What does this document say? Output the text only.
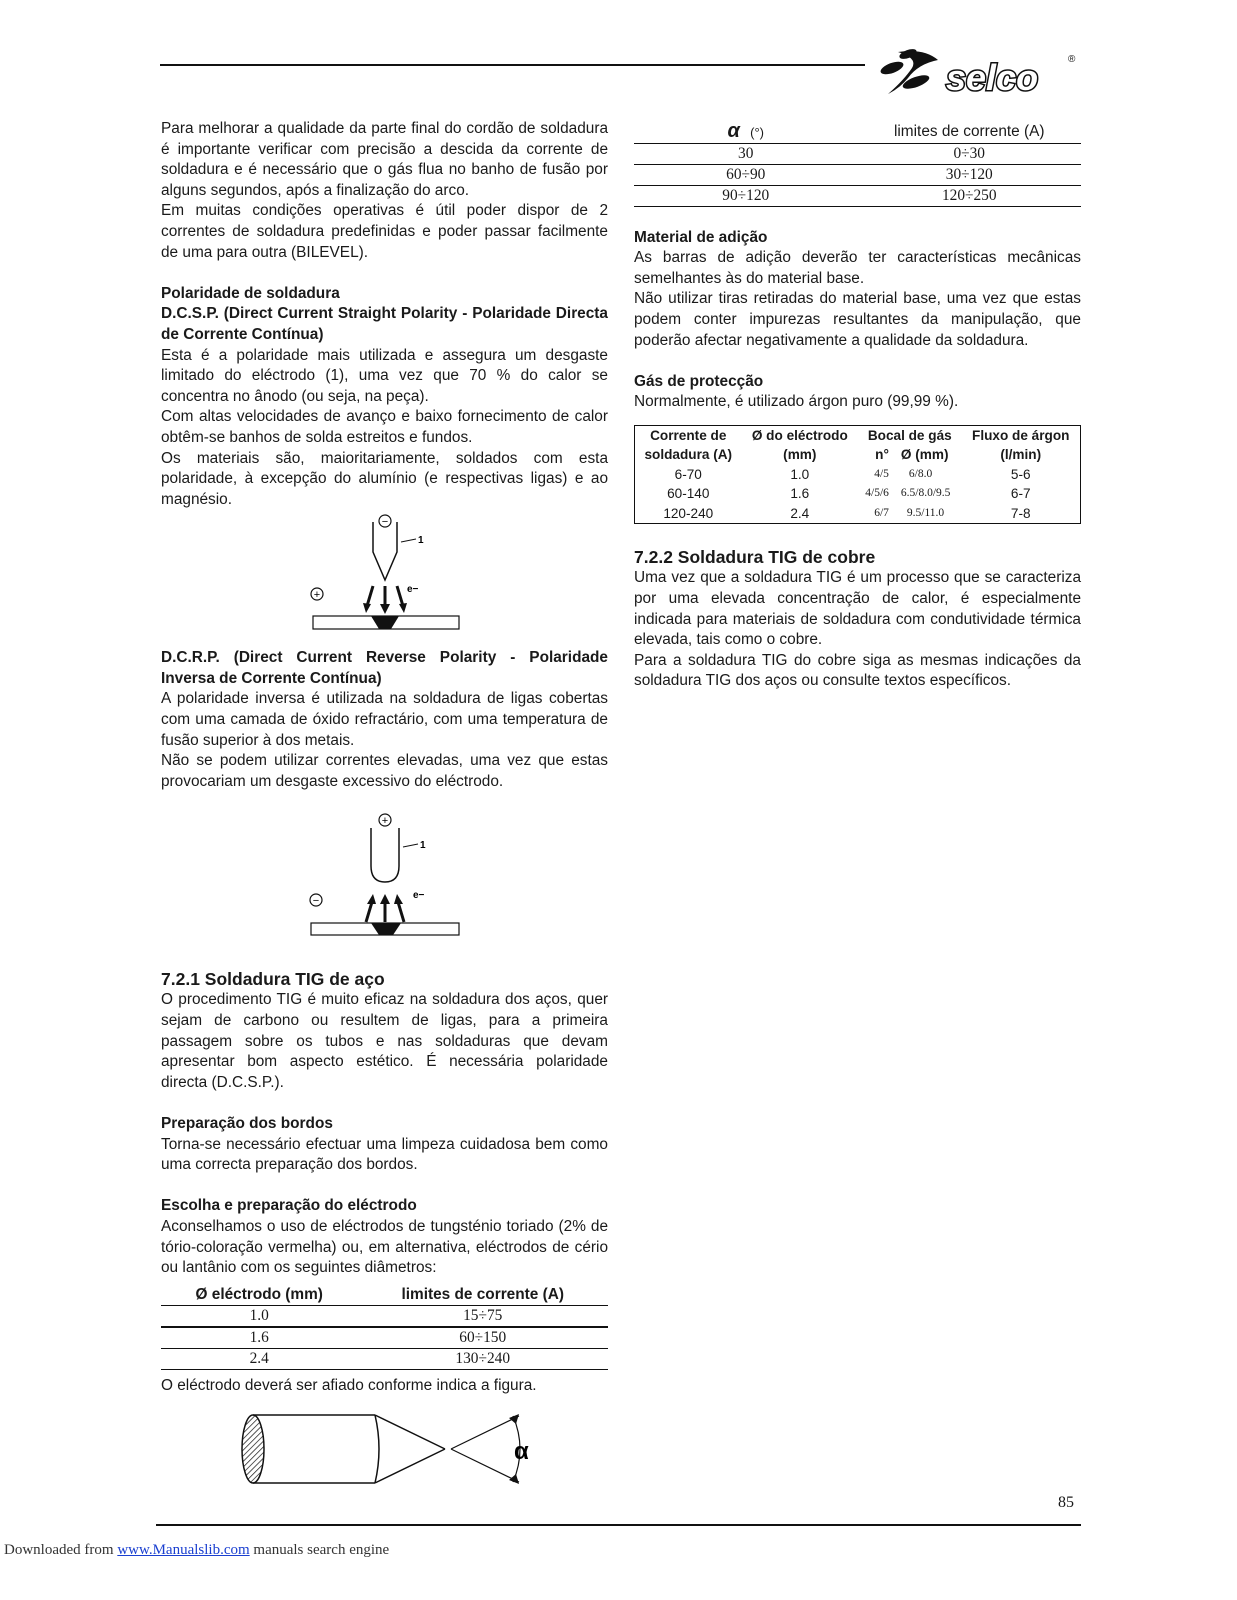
selco	®

Para melhorar a qualidade da parte final do cordão de soldadura é importante verificar com precisão a descida da corrente de soldadura e é necessário que o gás flua no banho de fusão por alguns segundos, após a finalização do arco.

Em muitas condições operativas é útil poder dispor de 2 correntes de soldadura predefinidas e poder passar facilmente de uma para outra (BILEVEL).

Polaridade de soldadura

D.C.S.P. (Direct Current Straight Polarity - Polaridade Directa de Corrente Contínua)

Esta é a polaridade mais utilizada e assegura um desgaste limitado do eléctrodo (1), uma vez que 70 % do calor se concentra no ânodo (ou seja, na peça).

Com altas velocidades de avanço e baixo fornecimento de calor obtêm-se banhos de solda estreitos e fundos.

Os materiais são, maioritariamente, soldados com esta polaridade, à excepção do alumínio (e respectivas ligas) e ao magnésio.

−
1
+	e−

D.C.R.P. (Direct Current Reverse Polarity - Polaridade Inversa de Corrente Contínua)

A polaridade inversa é utilizada na soldadura de ligas cobertas com uma camada de óxido refractário, com uma temperatura de fusão superior à dos metais.

Não se podem utilizar correntes elevadas, uma vez que estas provocariam um desgaste excessivo do eléctrodo.

+
1
−	e−
7.2.1 Soldadura TIG de aço

O procedimento TIG é muito eficaz na soldadura dos aços, quer sejam de carbono ou resultem de ligas, para a primeira passagem sobre os tubos e nas soldaduras que devam apresentar bom aspecto estético. É necessária polaridade directa (D.C.S.P.).

Preparação dos bordos

Torna-se necessário efectuar uma limpeza cuidadosa bem como uma correcta preparação dos bordos.

Escolha e preparação do eléctrodo

Aconselhamos o uso de eléctrodos de tungsténio toriado (2% de tório-coloração vermelha) ou, em alternativa, eléctrodos de cério ou lantânio com os seguintes diâmetros:

Ø eléctrodo (mm)	limites de corrente (A)
1.0	15÷75
1.6	60÷150
2.4	130÷240

O eléctrodo deverá ser afiado conforme indica a figura.

α
α (°)	limites de corrente (A)
30	0÷30
60÷90	30÷120
90÷120	120÷250

Material de adição

As barras de adição deverão ter características mecânicas semelhantes às do material base.

Não utilizar tiras retiradas do material base, uma vez que estas podem conter impurezas resultantes da manipulação, que poderão afectar negativamente a qualidade da soldadura.

Gás de protecção

Normalmente, é utilizado árgon puro (99,99 %).

Corrente de	Ø do eléctrodo	Bocal de gás		Fluxo de árgon
soldadura (A)	(mm)	n°	Ø (mm)	(l/min)
6-70	1.0	4/5	6/8.0	5-6
60-140	1.6	4/5/6	6.5/8.0/9.5	6-7
120-240	2.4	6/7	9.5/11.0	7-8
7.2.2 Soldadura TIG de cobre

Uma vez que a soldadura TIG é um processo que se caracteriza por uma elevada concentração de calor, é especialmente indicada para materiais de soldadura com condutividade térmica elevada, tais como o cobre.

Para a soldadura TIG do cobre siga as mesmas indicações da soldadura TIG dos aços ou consulte textos específicos.

85
Downloaded from www.Manualslib.com manuals search engine
